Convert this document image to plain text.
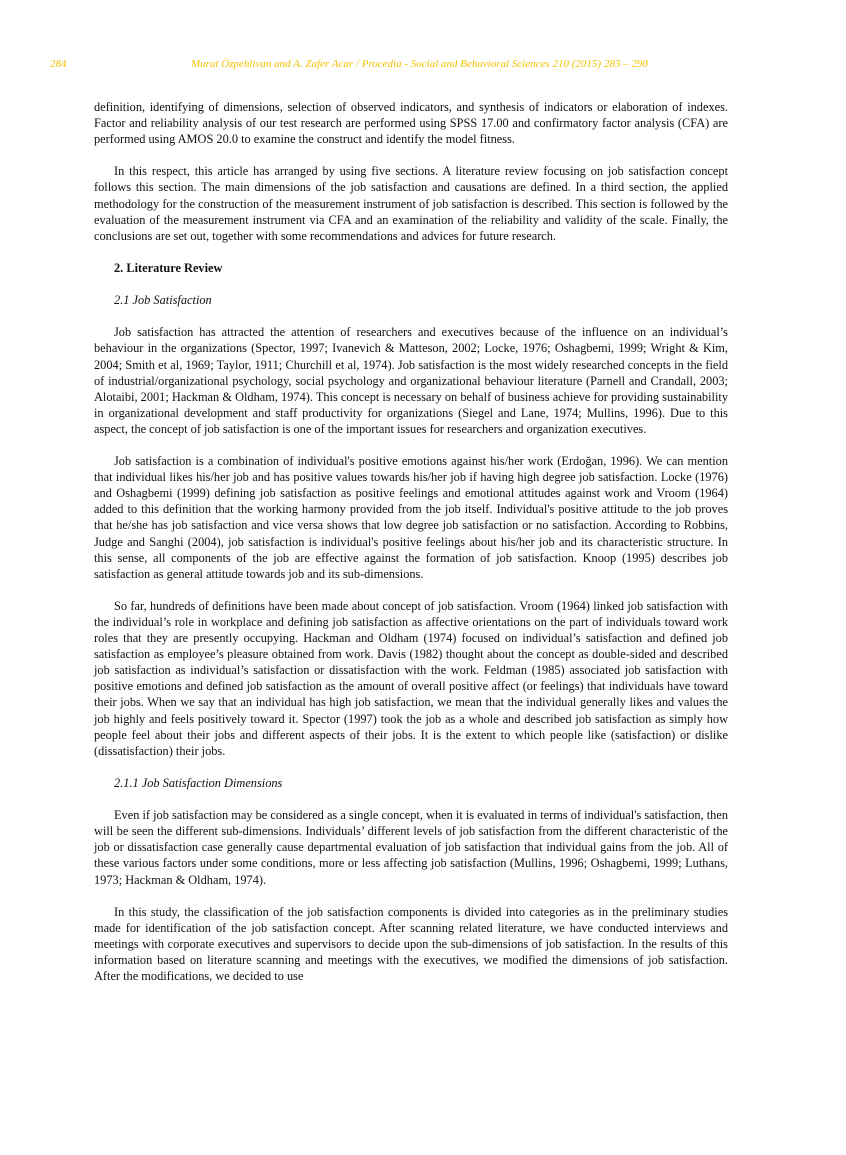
284	Murat Özpehlivan and A. Zafer Acar / Procedia - Social and Behavioral Sciences 210 (2015) 283 – 290

definition, identifying of dimensions, selection of observed indicators, and synthesis of indicators or elaboration of indexes. Factor and reliability analysis of our test research are performed using SPSS 17.00 and confirmatory factor analysis (CFA) are performed using AMOS 20.0 to examine the construct and identify the model fitness.

In this respect, this article has arranged by using five sections. A literature review focusing on job satisfaction concept follows this section. The main dimensions of the job satisfaction and causations are defined. In a third section, the applied methodology for the construction of the measurement instrument of job satisfaction is described. This section is followed by the evaluation of the measurement instrument via CFA and an examination of the reliability and validity of the scale. Finally, the conclusions are set out, together with some recommendations and advices for future research.

2. Literature Review

2.1 Job Satisfaction

Job satisfaction has attracted the attention of researchers and executives because of the influence on an individual’s behaviour in the organizations (Spector, 1997; Ivanevich & Matteson, 2002; Locke, 1976; Oshagbemi, 1999; Wright & Kim, 2004; Smith et al, 1969; Taylor, 1911; Churchill et al, 1974). Job satisfaction is the most widely researched concepts in the field of industrial/organizational psychology, social psychology and organizational behaviour literature (Parnell and Crandall, 2003; Alotaibi, 2001; Hackman & Oldham, 1974). This concept is necessary on behalf of business achieve for providing sustainability in organizational development and staff productivity for organizations (Siegel and Lane, 1974; Mullins, 1996). Due to this aspect, the concept of job satisfaction is one of the important issues for researchers and organization executives.

Job satisfaction is a combination of individual's positive emotions against his/her work (Erdoğan, 1996). We can mention that individual likes his/her job and has positive values towards his/her job if having high degree job satisfaction. Locke (1976) and Oshagbemi (1999) defining job satisfaction as positive feelings and emotional attitudes against work and Vroom (1964) added to this definition that the working harmony provided from the job itself. Individual's positive attitude to the job proves that he/she has job satisfaction and vice versa shows that low degree job satisfaction or no satisfaction. According to Robbins, Judge and Sanghi (2004), job satisfaction is individual's positive feelings about his/her job and its characteristic structure. In this sense, all components of the job are effective against the formation of job satisfaction. Knoop (1995) describes job satisfaction as general attitude towards job and its sub-dimensions.

So far, hundreds of definitions have been made about concept of job satisfaction. Vroom (1964) linked job satisfaction with the individual’s role in workplace and defining job satisfaction as affective orientations on the part of individuals toward work roles that they are presently occupying. Hackman and Oldham (1974) focused on individual’s satisfaction and defined job satisfaction as employee’s pleasure obtained from work. Davis (1982) thought about the concept as double-sided and described job satisfaction as individual’s satisfaction or dissatisfaction with the work. Feldman (1985) associated job satisfaction with positive emotions and defined job satisfaction as the amount of overall positive affect (or feelings) that individuals have toward their jobs. When we say that an individual has high job satisfaction, we mean that the individual generally likes and values the job highly and feels positively toward it. Spector (1997) took the job as a whole and described job satisfaction as simply how people feel about their jobs and different aspects of their jobs. It is the extent to which people like (satisfaction) or dislike (dissatisfaction) their jobs.

2.1.1 Job Satisfaction Dimensions

Even if job satisfaction may be considered as a single concept, when it is evaluated in terms of individual's satisfaction, then will be seen the different sub-dimensions. Individuals’ different levels of job satisfaction from the different characteristic of the job or dissatisfaction case generally cause departmental evaluation of job satisfaction that individual gains from the job. All of these various factors under some conditions, more or less affecting job satisfaction (Mullins, 1996; Oshagbemi, 1999; Luthans, 1973; Hackman & Oldham, 1974).

In this study, the classification of the job satisfaction components is divided into categories as in the preliminary studies made for identification of the job satisfaction concept. After scanning related literature, we have conducted interviews and meetings with corporate executives and supervisors to decide upon the sub-dimensions of job satisfaction. In the results of this information based on literature scanning and meetings with the executives, we modified the dimensions of job satisfaction. After the modifications, we decided to use
